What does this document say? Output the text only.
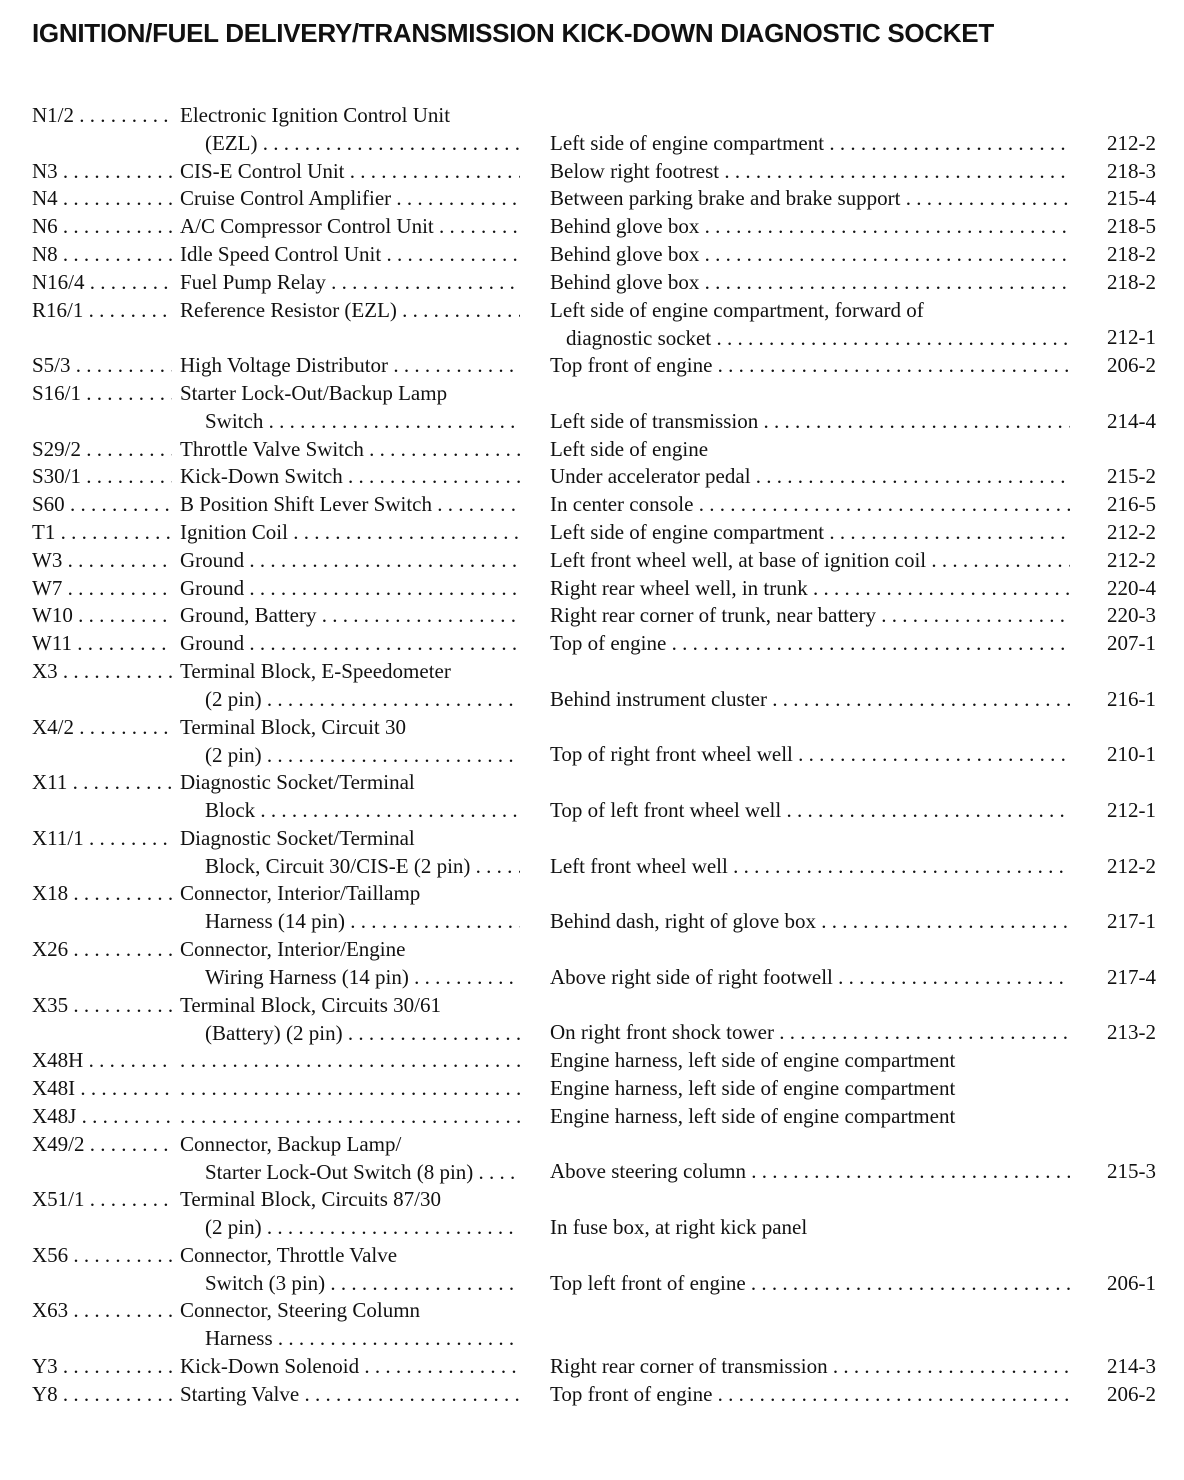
IGNITION/FUEL DELIVERY/TRANSMISSION KICK-DOWN DIAGNOSTIC SOCKET
N1/2 . . .	Electronic Ignition Control Unit
(EZL) . . .	Left side of engine compartment . . .	212-2
N3 . . .	CIS-E Control Unit . . .	Below right footrest . . .	218-3
N4 . . .	Cruise Control Amplifier . . .	Between parking brake and brake support . . .	215-4
N6 . . .	A/C Compressor Control Unit . . .	Behind glove box . . .	218-5
N8 . . .	Idle Speed Control Unit . . .	Behind glove box . . .	218-2
N16/4 . . .	Fuel Pump Relay . . .	Behind glove box . . .	218-2
R16/1 . . .	Reference Resistor (EZL) . . .	Left side of engine compartment, forward of
diagnostic socket . . .	212-1
S5/3 . . .	High Voltage Distributor . . .	Top front of engine . . .	206-2
S16/1 . . .	Starter Lock-Out/Backup Lamp
Switch . . .	Left side of transmission . . .	214-4
S29/2 . . .	Throttle Valve Switch . . .	Left side of engine
S30/1 . . .	Kick-Down Switch . . .	Under accelerator pedal . . .	215-2
S60 . . .	B Position Shift Lever Switch . . .	In center console . . .	216-5
T1 . . .	Ignition Coil . . .	Left side of engine compartment . . .	212-2
W3 . . .	Ground . . .	Left front wheel well, at base of ignition coil . . .	212-2
W7 . . .	Ground . . .	Right rear wheel well, in trunk . . .	220-4
W10 . . .	Ground, Battery . . .	Right rear corner of trunk, near battery . . .	220-3
W11 . . .	Ground . . .	Top of engine . . .	207-1
X3 . . .	Terminal Block, E-Speedometer
(2 pin) . . .	Behind instrument cluster . . .	216-1
X4/2 . . .	Terminal Block, Circuit 30
(2 pin) . . .	Top of right front wheel well . . .	210-1
X11 . . .	Diagnostic Socket/Terminal
Block . . .	Top of left front wheel well . . .	212-1
X11/1 . . .	Diagnostic Socket/Terminal
Block, Circuit 30/CIS-E (2 pin) . . .	Left front wheel well . . .	212-2
X18 . . .	Connector, Interior/Taillamp
Harness (14 pin) . . .	Behind dash, right of glove box . . .	217-1
X26 . . .	Connector, Interior/Engine
Wiring Harness (14 pin) . . .	Above right side of right footwell . . .	217-4
X35 . . .	Terminal Block, Circuits 30/61
(Battery) (2 pin) . . .	On right front shock tower . . .	213-2
X48H . . . . . .	Engine harness, left side of engine compartment
X48I . . . . . .	Engine harness, left side of engine compartment
X48J . . . . . .	Engine harness, left side of engine compartment
X49/2 . . .	Connector, Backup Lamp/
Starter Lock-Out Switch (8 pin) . . .	Above steering column . . .	215-3
X51/1 . . .	Terminal Block, Circuits 87/30
(2 pin) . . .	In fuse box, at right kick panel
X56 . . .	Connector, Throttle Valve
Switch (3 pin) . . .	Top left front of engine . . .	206-1
X63 . . .	Connector, Steering Column
Harness . . .
Y3 . . .	Kick-Down Solenoid . . .	Right rear corner of transmission . . .	214-3
Y8 . . .	Starting Valve . . .	Top front of engine . . .	206-2
